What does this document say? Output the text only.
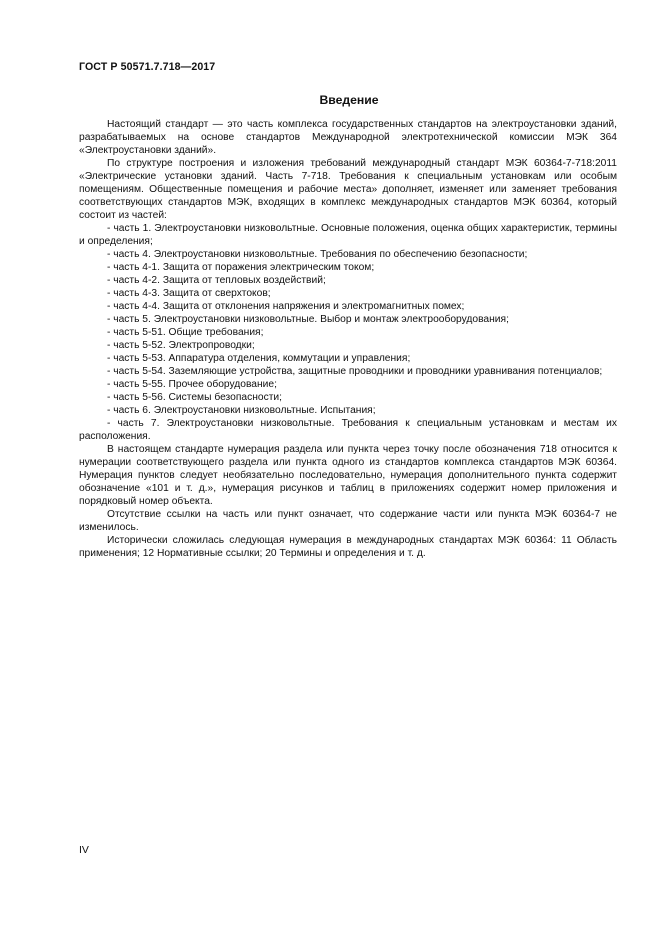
ГОСТ Р 50571.7.718—2017
Введение

Настоящий стандарт — это часть комплекса государственных стандартов на электроустановки зданий, разрабатываемых на основе стандартов Международной электротехнической комиссии МЭК 364 «Электроустановки зданий».

По структуре построения и изложения требований международный стандарт МЭК 60364-7-718:2011 «Электрические установки зданий. Часть 7-718. Требования к специальным установкам или особым помещениям. Общественные помещения и рабочие места» дополняет, изменяет или заменяет требования соответствующих стандартов МЭК, входящих в комплекс международных стандартов МЭК 60364, который состоит из частей:

- часть 1. Электроустановки низковольтные. Основные положения, оценка общих характеристик, термины и определения;
- часть 4. Электроустановки низковольтные. Требования по обеспечению безопасности;
- часть 4-1. Защита от поражения электрическим током;
- часть 4-2. Защита от тепловых воздействий;
- часть 4-3. Защита от сверхтоков;
- часть 4-4. Защита от отклонения напряжения и электромагнитных помех;
- часть 5. Электроустановки низковольтные. Выбор и монтаж электрооборудования;
- часть 5-51. Общие требования;
- часть 5-52. Электропроводки;
- часть 5-53. Аппаратура отделения, коммутации и управления;
- часть 5-54. Заземляющие устройства, защитные проводники и проводники уравнивания потенциалов;
- часть 5-55. Прочее оборудование;
- часть 5-56. Системы безопасности;
- часть 6. Электроустановки низковольтные. Испытания;
- часть 7. Электроустановки низковольтные. Требования к специальным установкам и местам их расположения.

В настоящем стандарте нумерация раздела или пункта через точку после обозначения 718 относится к нумерации соответствующего раздела или пункта одного из стандартов комплекса стандартов МЭК 60364. Нумерация пунктов следует необязательно последовательно, нумерация дополнительного пункта содержит обозначение «101 и т. д.», нумерация рисунков и таблиц в приложениях содержит номер приложения и порядковый номер объекта.

Отсутствие ссылки на часть или пункт означает, что содержание части или пункта МЭК 60364-7 не изменилось.

Исторически сложилась следующая нумерация в международных стандартах МЭК 60364: 11 Область применения; 12 Нормативные ссылки; 20 Термины и определения и т. д.

IV
